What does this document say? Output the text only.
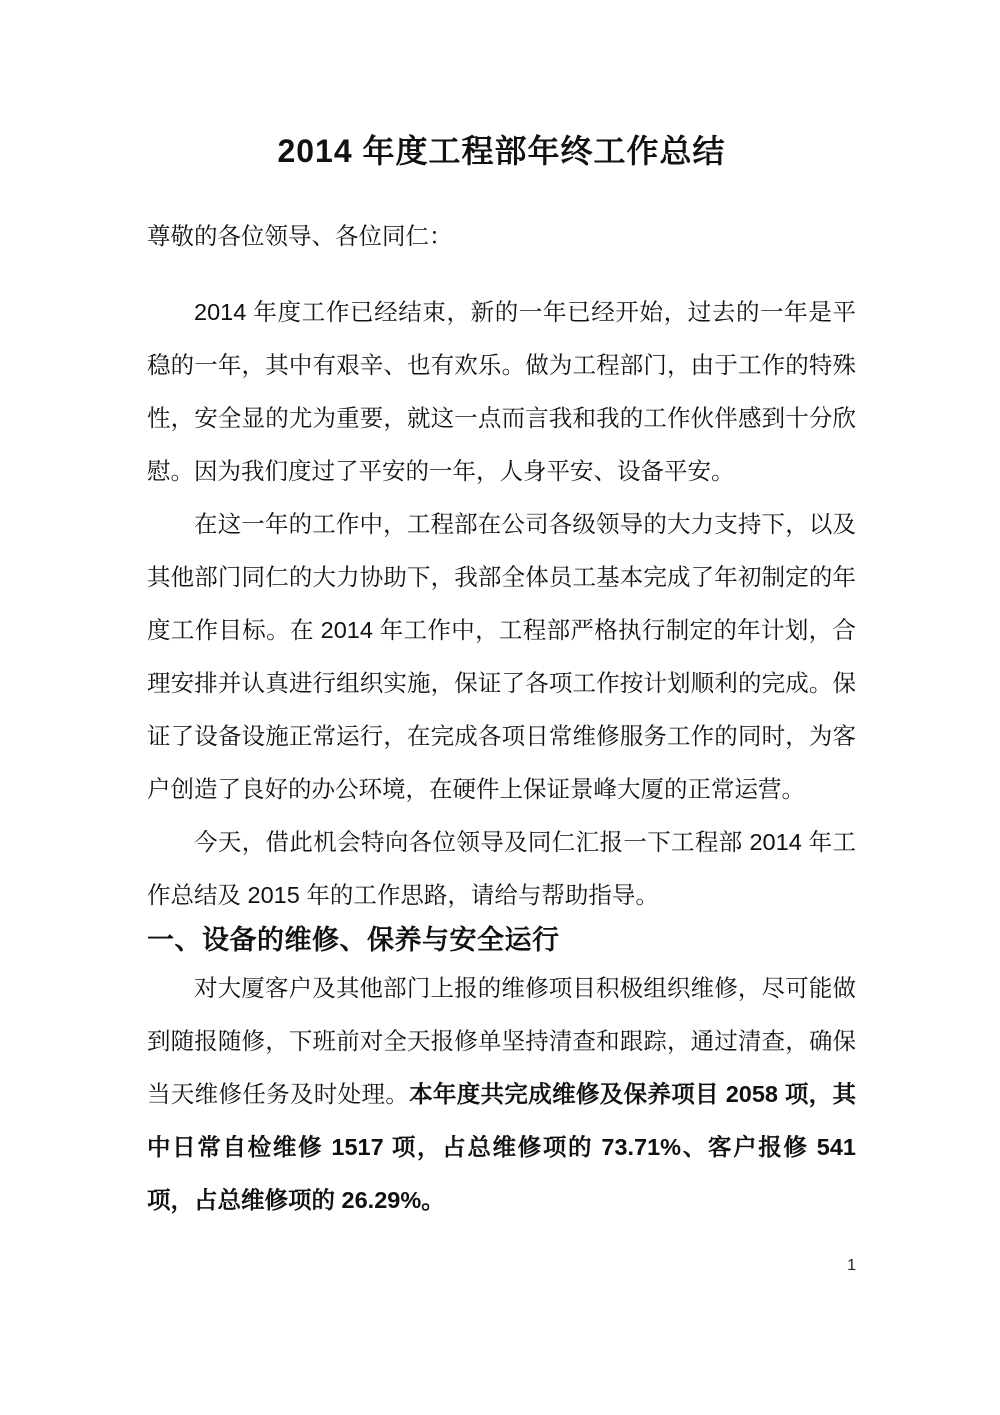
2014 年度工程部年终工作总结

尊敬的各位领导、各位同仁：

2014 年度工作已经结束，新的一年已经开始，过去的一年是平稳的一年，其中有艰辛、也有欢乐。做为工程部门，由于工作的特殊性，安全显的尤为重要，就这一点而言我和我的工作伙伴感到十分欣慰。因为我们度过了平安的一年，人身平安、设备平安。

在这一年的工作中，工程部在公司各级领导的大力支持下，以及其他部门同仁的大力协助下，我部全体员工基本完成了年初制定的年度工作目标。在 2014 年工作中，工程部严格执行制定的年计划，合理安排并认真进行组织实施，保证了各项工作按计划顺利的完成。保证了设备设施正常运行，在完成各项日常维修服务工作的同时，为客户创造了良好的办公环境，在硬件上保证景峰大厦的正常运营。

今天，借此机会特向各位领导及同仁汇报一下工程部 2014 年工作总结及 2015 年的工作思路，请给与帮助指导。

一、设备的维修、保养与安全运行

对大厦客户及其他部门上报的维修项目积极组织维修，尽可能做到随报随修，下班前对全天报修单坚持清查和跟踪，通过清查，确保当天维修任务及时处理。本年度共完成维修及保养项目 2058 项，其中日常自检维修 1517 项，占总维修项的 73.71%、客户报修 541 项，占总维修项的 26.29%。

1
